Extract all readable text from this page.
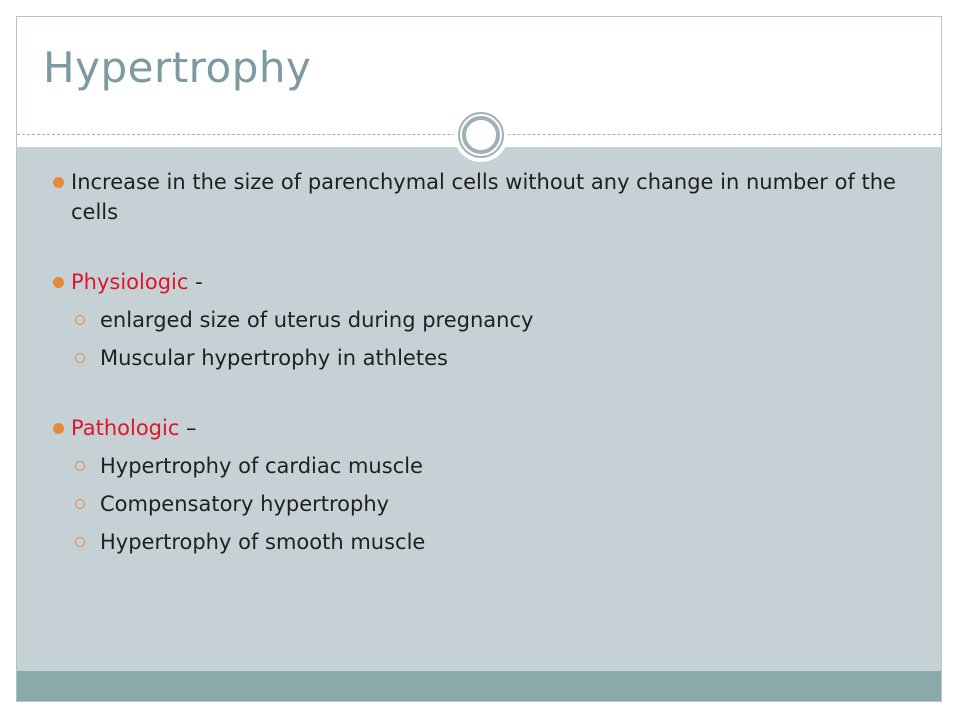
Hypertrophy
Increase in the size of parenchymal cells without any change in number of the cells
Physiologic -
enlarged size of uterus during pregnancy
Muscular hypertrophy in athletes
Pathologic –
Hypertrophy of cardiac muscle
Compensatory hypertrophy
Hypertrophy of smooth muscle
